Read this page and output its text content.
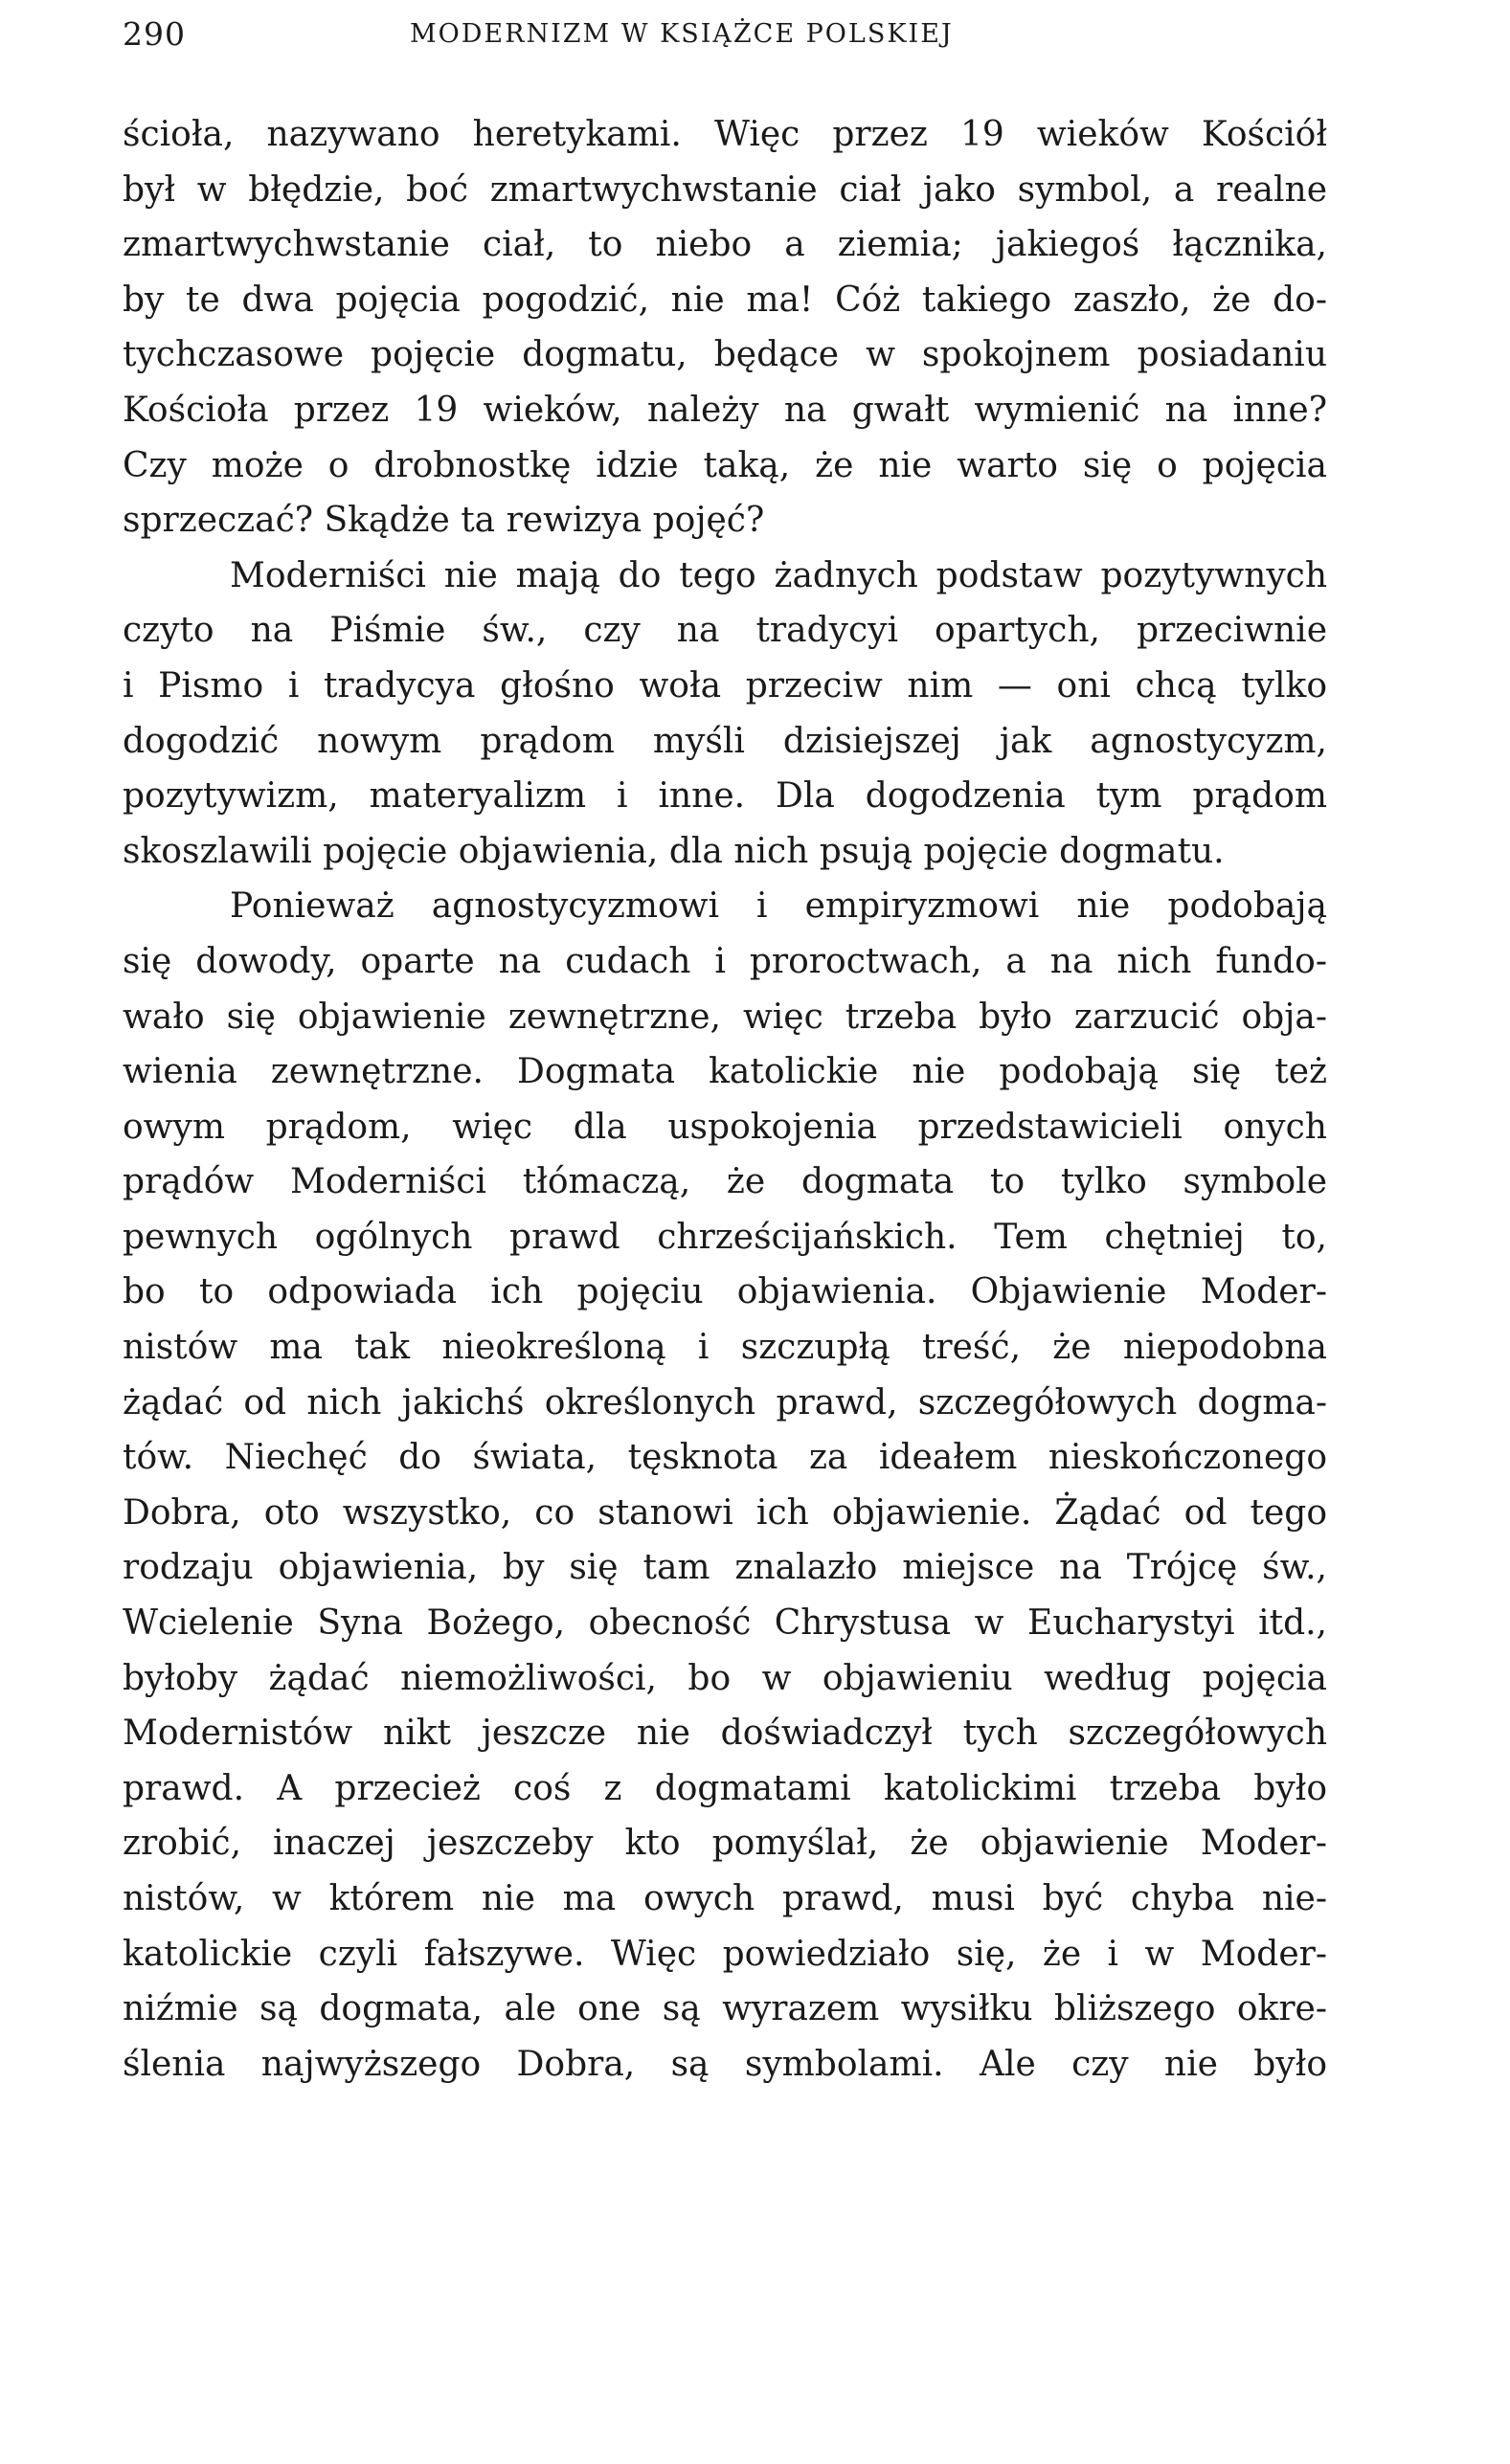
290	MODERNIZM W KSIĄŻCE POLSKIEJ
ścioła, nazywano heretykami. Więc przez 19 wieków Kościół
był w błędzie, boć zmartwychwstanie ciał jako symbol, a realne
zmartwychwstanie ciał, to niebo a ziemia; jakiegoś łącznika,
by te dwa pojęcia pogodzić, nie ma! Cóż takiego zaszło, że do-
tychczasowe pojęcie dogmatu, będące w spokojnem posiadaniu
Kościoła przez 19 wieków, należy na gwałt wymienić na inne?
Czy może o drobnostkę idzie taką, że nie warto się o pojęcia
sprzeczać? Skądże ta rewizya pojęć?
Moderniści nie mają do tego żadnych podstaw pozytywnych
czyto na Piśmie św., czy na tradycyi opartych, przeciwnie
i Pismo i tradycya głośno woła przeciw nim — oni chcą tylko
dogodzić nowym prądom myśli dzisiejszej jak agnostycyzm,
pozytywizm, materyalizm i inne. Dla dogodzenia tym prądom
skoszlawili pojęcie objawienia, dla nich psują pojęcie dogmatu.
Ponieważ agnostycyzmowi i empiryzmowi nie podobają
się dowody, oparte na cudach i proroctwach, a na nich fundo-
wało się objawienie zewnętrzne, więc trzeba było zarzucić obja-
wienia zewnętrzne. Dogmata katolickie nie podobają się też
owym prądom, więc dla uspokojenia przedstawicieli onych
prądów Moderniści tłómaczą, że dogmata to tylko symbole
pewnych ogólnych prawd chrześcijańskich. Tem chętniej to,
bo to odpowiada ich pojęciu objawienia. Objawienie Moder-
nistów ma tak nieokreśloną i szczupłą treść, że niepodobna
żądać od nich jakichś określonych prawd, szczegółowych dogma-
tów. Niechęć do świata, tęsknota za ideałem nieskończonego
Dobra, oto wszystko, co stanowi ich objawienie. Żądać od tego
rodzaju objawienia, by się tam znalazło miejsce na Trójcę św.,
Wcielenie Syna Bożego, obecność Chrystusa w Eucharystyi itd.,
byłoby żądać niemożliwości, bo w objawieniu według pojęcia
Modernistów nikt jeszcze nie doświadczył tych szczegółowych
prawd. A przecież coś z dogmatami katolickimi trzeba było
zrobić, inaczej jeszczeby kto pomyślał, że objawienie Moder-
nistów, w którem nie ma owych prawd, musi być chyba nie-
katolickie czyli fałszywe. Więc powiedziało się, że i w Moder-
niźmie są dogmata, ale one są wyrazem wysiłku bliższego okre-
ślenia najwyższego Dobra, są symbolami. Ale czy nie było
